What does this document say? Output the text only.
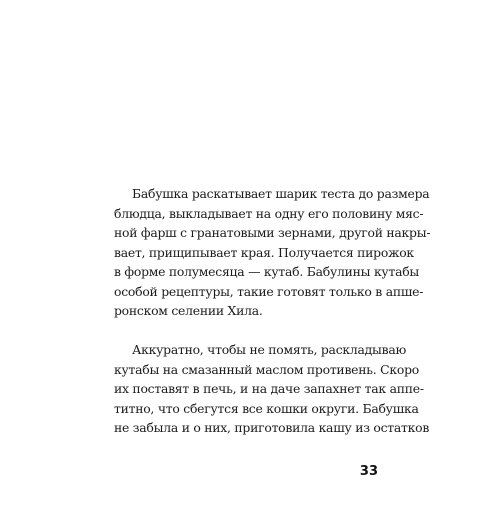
Бабушка раскатывает шарик теста до размера
блюдца, выкладывает на одну его половину мяс-
ной фарш с гранатовыми зернами, другой накры-
вает, прищипывает края. Получается пирожок
в форме полумесяца — кутаб. Бабулины кутабы
особой рецептуры, такие готовят только в апше-
ронском селении Хила.
Аккуратно, чтобы не помять, раскладываю
кутабы на смазанный маслом противень. Скоро
их поставят в печь, и на даче запахнет так аппе-
титно, что сбегутся все кошки округи. Бабушка
не забыла и о них, приготовила кашу из остатков
33
